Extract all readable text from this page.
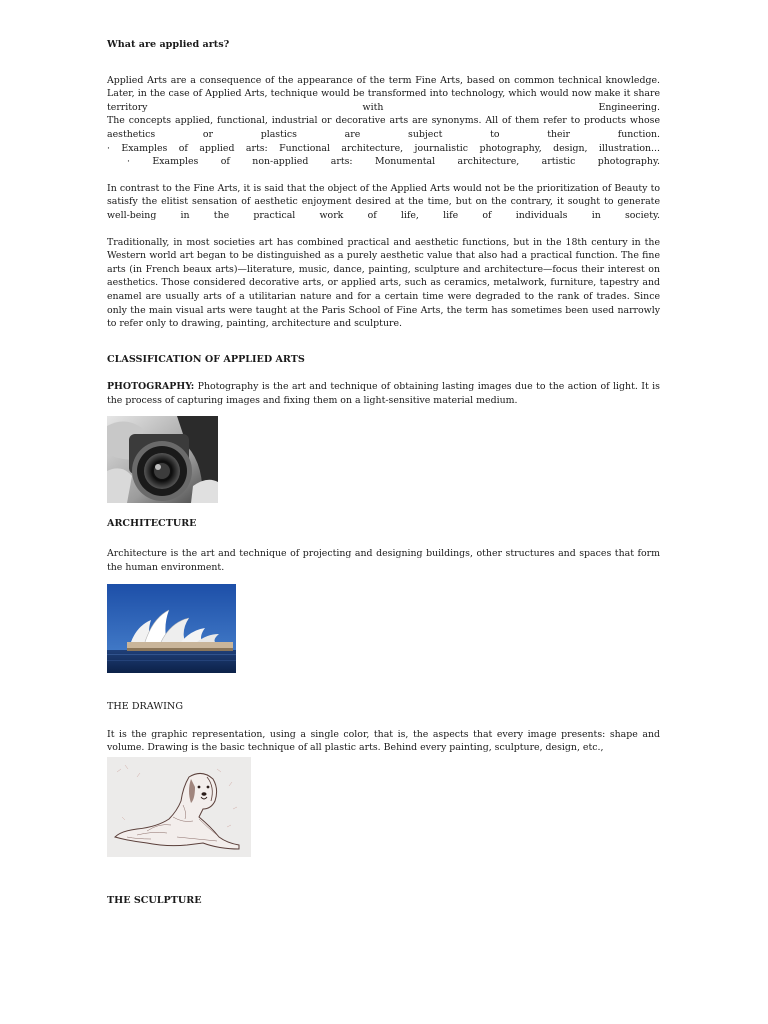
What are applied arts?

Applied Arts are a consequence of the appearance of the term Fine Arts, based on common technical knowledge.

Later, in the case of Applied Arts, technique would be transformed into technology, which would now make it share

territory with Engineering.

The concepts applied, functional, industrial or decorative arts are synonyms. All of them refer to products whose

aesthetics or plastics are subject to their function.

· Examples of applied arts: Functional architecture, journalistic photography, design, illustration...

· Examples of non-applied arts: Monumental architecture, artistic photography.

In contrast to the Fine Arts, it is said that the object of the Applied Arts would not be the prioritization of Beauty to

satisfy the elitist sensation of aesthetic enjoyment desired at the time, but on the contrary, it sought to generate

well-being in the practical work of life, life of individuals in society.

Traditionally, in most societies art has combined practical and aesthetic functions, but in the 18th century in the Western world art began to be distinguished as a purely aesthetic value that also had a practical function. The fine arts (in French beaux arts)—literature, music, dance, painting, sculpture and architecture—focus their interest on aesthetics. Those considered decorative arts, or applied arts, such as ceramics, metalwork, furniture, tapestry and enamel are usually arts of a utilitarian nature and for a certain time were degraded to the rank of trades. Since only the main visual arts were taught at the Paris School of Fine Arts, the term has sometimes been used narrowly to refer only to drawing, painting, architecture and sculpture.

CLASSIFICATION OF APPLIED ARTS

PHOTOGRAPHY: Photography is the art and technique of obtaining lasting images due to the action of light. It is the process of capturing images and fixing them on a light-sensitive material medium.

ARCHITECTURE

Architecture is the art and technique of projecting and designing buildings, other structures and spaces that form the human environment.

THE DRAWING

It is the graphic representation, using a single color, that is, the aspects that every image presents: shape and volume. Drawing is the basic technique of all plastic arts. Behind every painting, sculpture, design, etc.,

THE SCULPTURE
